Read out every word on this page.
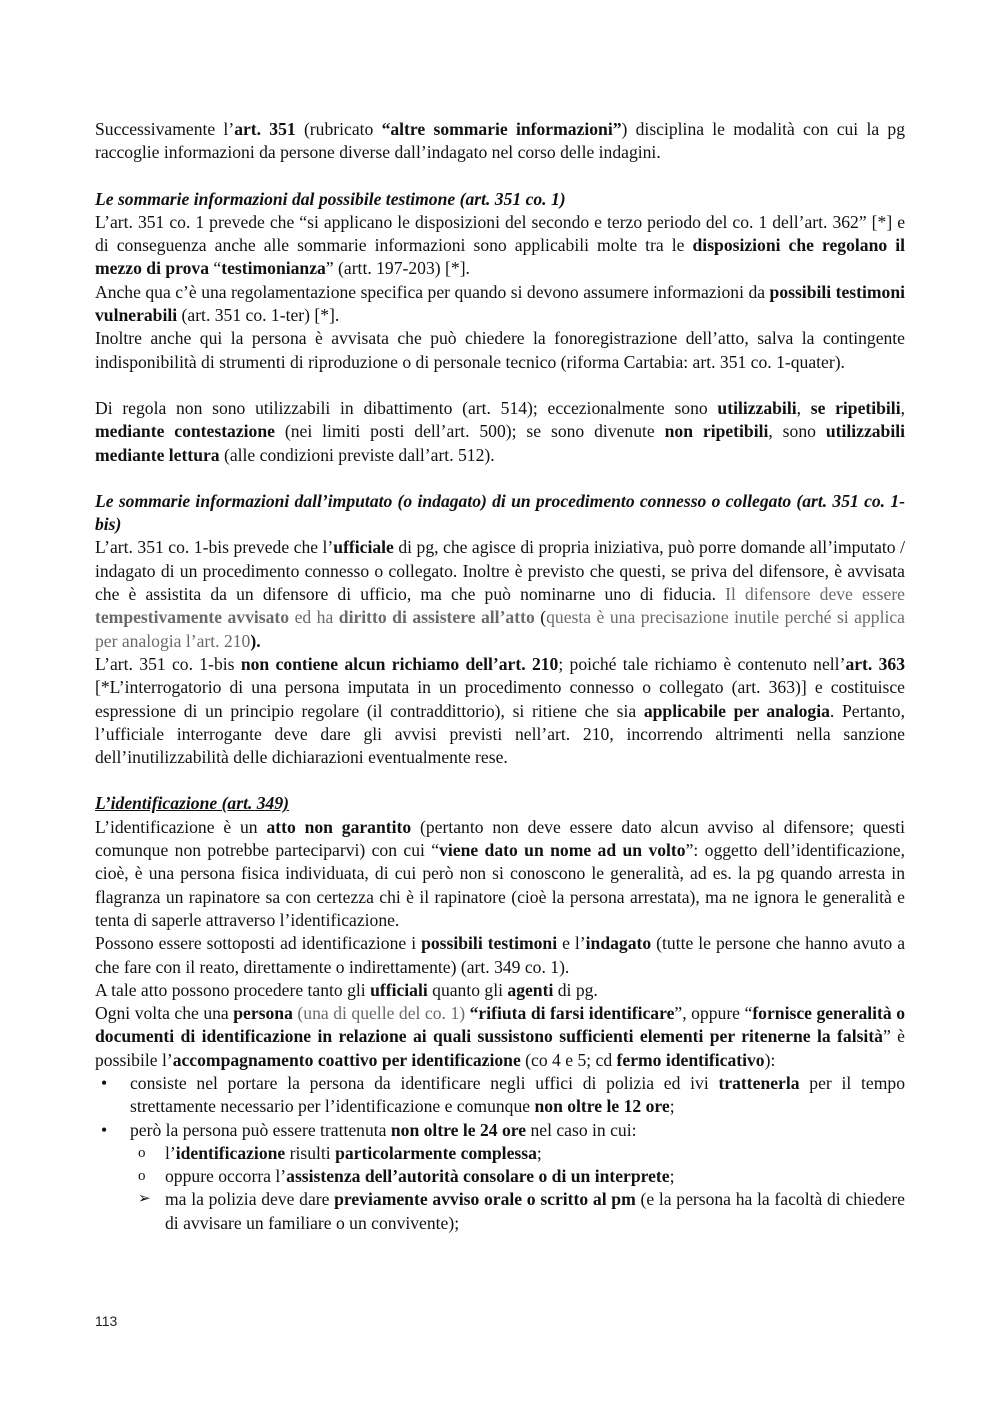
Successivamente l’art. 351 (rubricato “altre sommarie informazioni”) disciplina le modalità con cui la pg raccoglie informazioni da persone diverse dall’indagato nel corso delle indagini.

Le sommarie informazioni dal possibile testimone (art. 351 co. 1)

L’art. 351 co. 1 prevede che “si applicano le disposizioni del secondo e terzo periodo del co. 1 dell’art. 362” [*] e di conseguenza anche alle sommarie informazioni sono applicabili molte tra le disposizioni che regolano il mezzo di prova “testimonianza” (artt. 197-203) [*].

Anche qua c’è una regolamentazione specifica per quando si devono assumere informazioni da possibili testimoni vulnerabili (art. 351 co. 1-ter) [*].

Inoltre anche qui la persona è avvisata che può chiedere la fonoregistrazione dell’atto, salva la contingente indisponibilità di strumenti di riproduzione o di personale tecnico (riforma Cartabia: art. 351 co. 1-quater).

Di regola non sono utilizzabili in dibattimento (art. 514); eccezionalmente sono utilizzabili, se ripetibili, mediante contestazione (nei limiti posti dell’art. 500); se sono divenute non ripetibili, sono utilizzabili mediante lettura (alle condizioni previste dall’art. 512).

Le sommarie informazioni dall’imputato (o indagato) di un procedimento connesso o collegato (art. 351 co. 1-bis)

L’art. 351 co. 1-bis prevede che l’ufficiale di pg, che agisce di propria iniziativa, può porre domande all’imputato / indagato di un procedimento connesso o collegato. Inoltre è previsto che questi, se priva del difensore, è avvisata che è assistita da un difensore di ufficio, ma che può nominarne uno di fiducia. Il difensore deve essere tempestivamente avvisato ed ha diritto di assistere all’atto (questa è una precisazione inutile perché si applica per analogia l’art. 210).

L’art. 351 co. 1-bis non contiene alcun richiamo dell’art. 210; poiché tale richiamo è contenuto nell’art. 363 [*L’interrogatorio di una persona imputata in un procedimento connesso o collegato (art. 363)] e costituisce espressione di un principio regolare (il contraddittorio), si ritiene che sia applicabile per analogia. Pertanto, l’ufficiale interrogante deve dare gli avvisi previsti nell’art. 210, incorrendo altrimenti nella sanzione dell’inutilizzabilità delle dichiarazioni eventualmente rese.

L’identificazione (art. 349)

L’identificazione è un atto non garantito (pertanto non deve essere dato alcun avviso al difensore; questi comunque non potrebbe parteciparvi) con cui “viene dato un nome ad un volto”: oggetto dell’identificazione, cioè, è una persona fisica individuata, di cui però non si conoscono le generalità, ad es. la pg quando arresta in flagranza un rapinatore sa con certezza chi è il rapinatore (cioè la persona arrestata), ma ne ignora le generalità e tenta di saperle attraverso l’identificazione.

Possono essere sottoposti ad identificazione i possibili testimoni e l’indagato (tutte le persone che hanno avuto a che fare con il reato, direttamente o indirettamente) (art. 349 co. 1).

A tale atto possono procedere tanto gli ufficiali quanto gli agenti di pg.

Ogni volta che una persona (una di quelle del co. 1) “rifiuta di farsi identificare”, oppure “fornisce generalità o documenti di identificazione in relazione ai quali sussistono sufficienti elementi per ritenerne la falsità” è possibile l’accompagnamento coattivo per identificazione (co 4 e 5; cd fermo identificativo):

• consiste nel portare la persona da identificare negli uffici di polizia ed ivi trattenerla per il tempo strettamente necessario per l’identificazione e comunque non oltre le 12 ore;
• però la persona può essere trattenuta non oltre le 24 ore nel caso in cui:
o l’identificazione risulti particolarmente complessa;
o oppure occorra l’assistenza dell’autorità consolare o di un interprete;
➢ ma la polizia deve dare previamente avviso orale o scritto al pm (e la persona ha la facoltà di chiedere di avvisare un familiare o un convivente);
113
